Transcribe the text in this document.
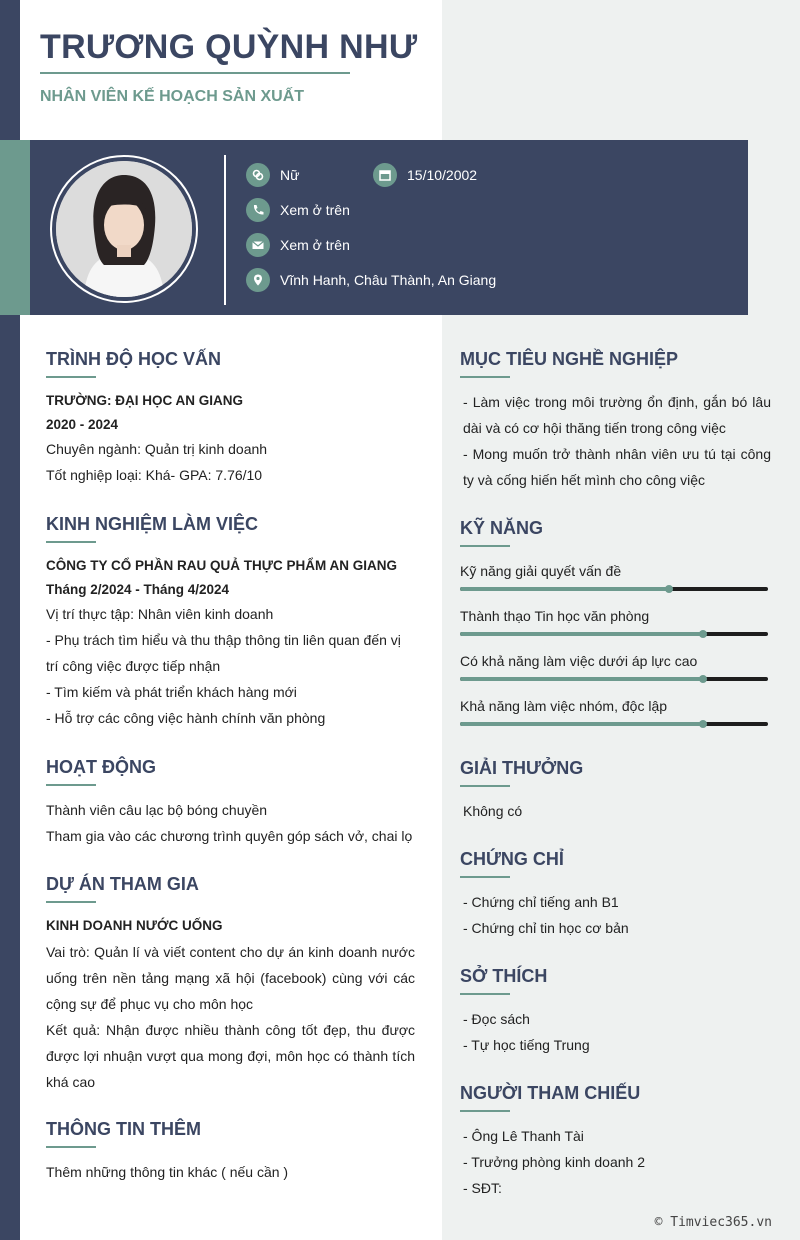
TRƯƠNG QUỲNH NHƯ
NHÂN VIÊN KẾ HOẠCH SẢN XUẤT
Nữ	15/10/2002
Xem ở trên
Xem ở trên
Vĩnh Hanh, Châu Thành, An Giang
TRÌNH ĐỘ HỌC VẤN

TRƯỜNG: ĐẠI HỌC AN GIANG

2020 - 2024

Chuyên ngành: Quản trị kinh doanh

Tốt nghiệp loại: Khá- GPA: 7.76/10

KINH NGHIỆM LÀM VIỆC

CÔNG TY CỔ PHẦN RAU QUẢ THỰC PHẨM AN GIANG

Tháng 2/2024 - Tháng 4/2024

Vị trí thực tập: Nhân viên kinh doanh

- Phụ trách tìm hiểu và thu thập thông tin liên quan đến vị trí công việc được tiếp nhận

- Tìm kiếm và phát triển khách hàng mới

- Hỗ trợ các công việc hành chính văn phòng

HOẠT ĐỘNG

Thành viên câu lạc bộ bóng chuyền

Tham gia vào các chương trình quyên góp sách vở, chai lọ

DỰ ÁN THAM GIA

KINH DOANH NƯỚC UỐNG

Vai trò: Quản lí và viết content cho dự án kinh doanh nước uống trên nền tảng mạng xã hội (facebook) cùng với các cộng sự để phục vụ cho môn học

Kết quả: Nhận được nhiều thành công tốt đẹp, thu được được lợi nhuận vượt qua mong đợi, môn học có thành tích khá cao

THÔNG TIN THÊM

Thêm những thông tin khác ( nếu cần )

MỤC TIÊU NGHỀ NGHIỆP

- Làm việc trong môi trường ổn định, gắn bó lâu dài và có cơ hội thăng tiến trong công việc

- Mong muốn trở thành nhân viên ưu tú tại công ty và cống hiến hết mình cho công việc

KỸ NĂNG
Kỹ năng giải quyết vấn đề
Thành thạo Tin học văn phòng
Có khả năng làm việc dưới áp lực cao
Khả năng làm việc nhóm, độc lập
GIẢI THƯỞNG

Không có

CHỨNG CHỈ

- Chứng chỉ tiếng anh B1

- Chứng chỉ tin học cơ bản

SỞ THÍCH

- Đọc sách

- Tự học tiếng Trung

NGƯỜI THAM CHIẾU

- Ông Lê Thanh Tài

- Trưởng phòng kinh doanh 2

- SĐT:

© Timviec365.vn
